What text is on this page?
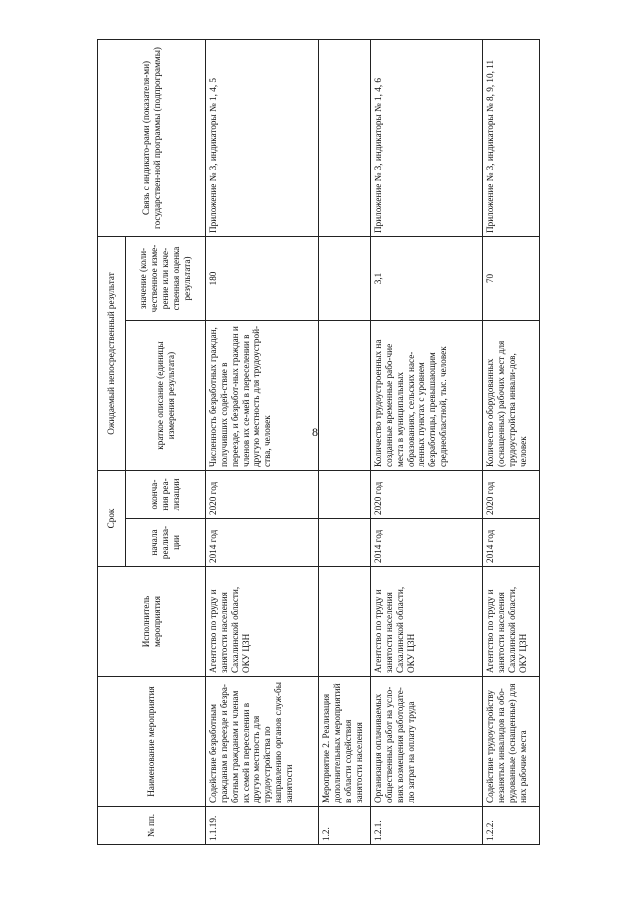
8
№ пп.	Наименование мероприятия	Исполнитель мероприятия	Срок		Ожидаемый непосредственный результат		Связь с индикато-рами (показателя-ми) государствен-ной программы (подпрограммы)
			начала реализа-ции	оконча-ния реа-лизации	краткое описание (единицы измерения результата)	значение (коли-чественное изме-рение или каче-ственная оценка результата)	
1.1.19.	Содействие безработным гражданам в переезде и безра-ботным гражданам и членам их семей в переселении в другую местность для трудоустройства по направлению органов служ-бы занятости	Агентство по труду и занятости населения Сахалинской области, ОКУ ЦЗН	2014 год	2020 год	Численность безработных граждан, получивших содей-ствие в переезде, и безработ-ных граждан и членов их се-мей в переселении в другую местность для трудоустрой-ства, человек	180	Приложение № 3, индикаторы № 1, 4, 5
1.2.	Мероприятие 2. Реализация дополнительных мероприятий в области содействия занятости населения						
1.2.1.	Организация оплачиваемых общественных работ на усло-виях возмещения работодате-лю затрат на оплату труда	Агентство по труду и занятости населения Сахалинской области, ОКУ ЦЗН	2014 год	2020 год	Количество трудоустроенных на созданные временные рабо-чие места в муниципальных образованиях, сельских насе-ленных пунктах с уровнем безработицы, превышающим среднеобластной, тыс. человек	3,1	Приложение № 3, индикаторы № 1, 4, 6
1.2.2.	Содействие трудоустройству незанятых инвалидов на обо-рудованные (оснащенные) для них рабочие места	Агентство по труду и занятости населения Сахалинской области, ОКУ ЦЗН	2014 год	2020 год	Количество оборудованных (оснащенных) рабочих мест для трудоустройства инвали-дов, человек	70	Приложение № 3, индикаторы № 8, 9, 10, 11
